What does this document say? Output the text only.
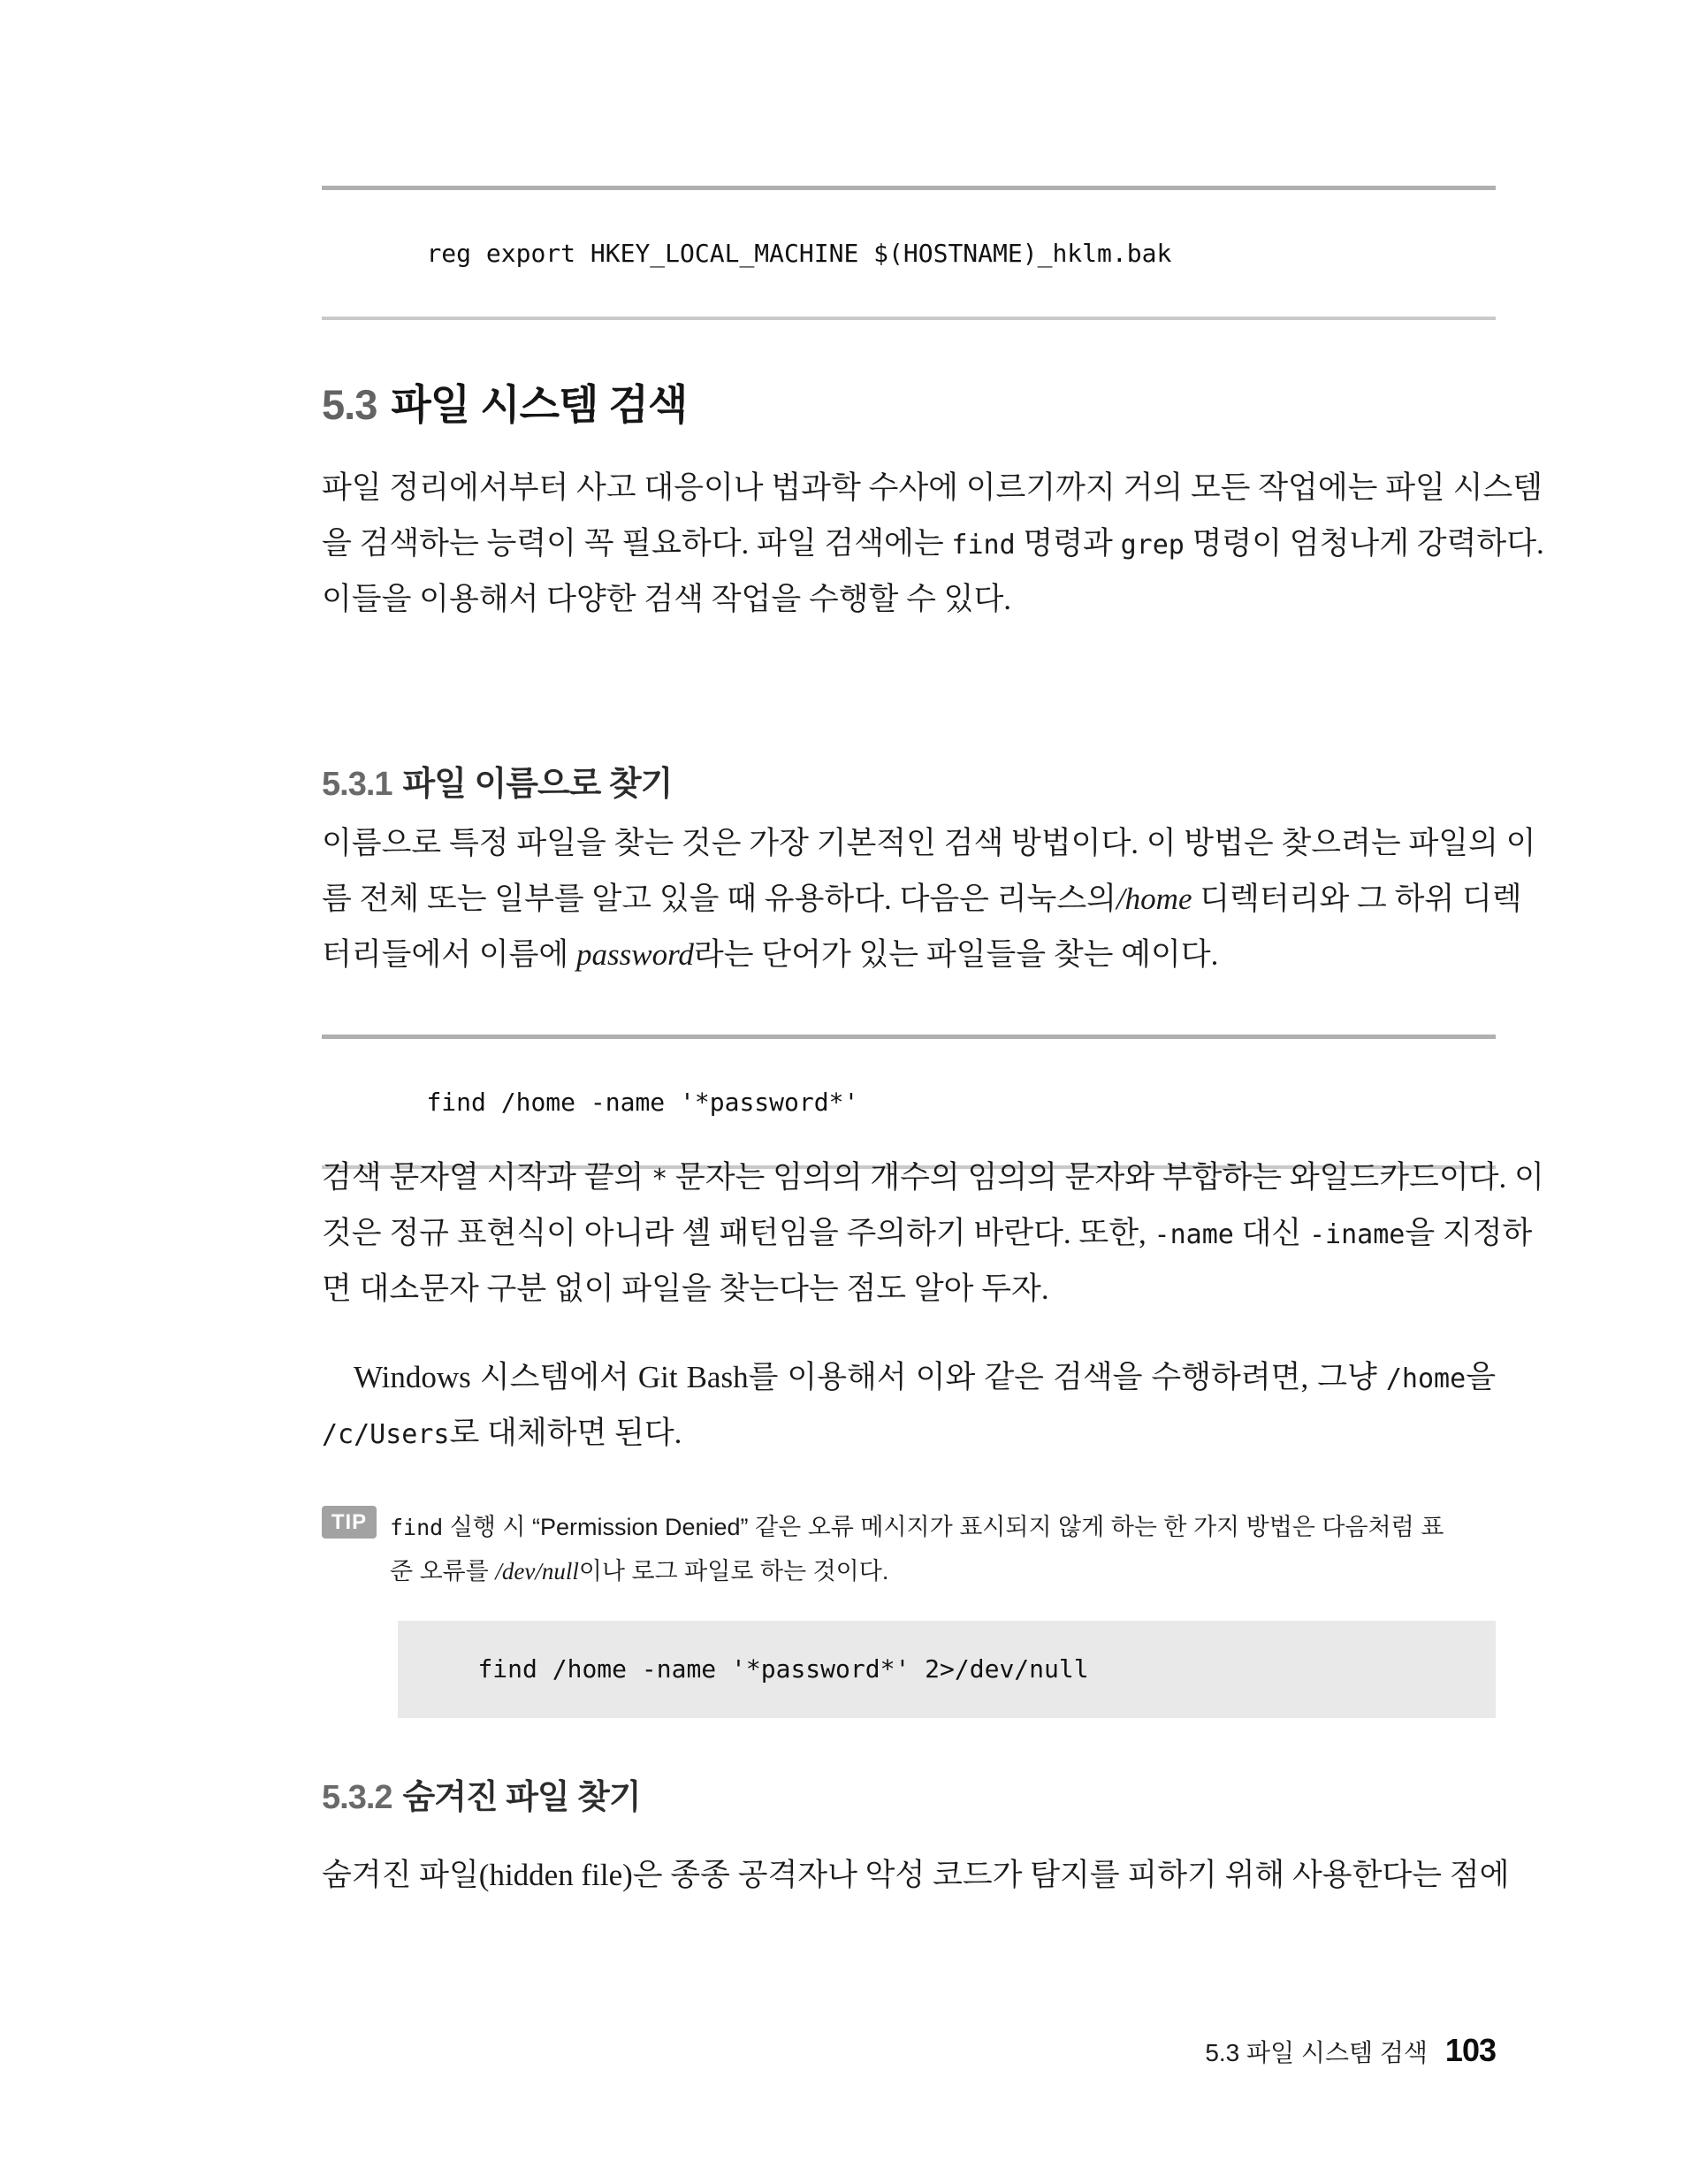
reg export HKEY_LOCAL_MACHINE $(HOSTNAME)_hklm.bak

5.3 파일 시스템 검색
파일 정리에서부터 사고 대응이나 법과학 수사에 이르기까지 거의 모든 작업에는 파일 시스템
을 검색하는 능력이 꼭 필요하다. 파일 검색에는 find 명령과 grep 명령이 엄청나게 강력하다.
이들을 이용해서 다양한 검색 작업을 수행할 수 있다.
5.3.1 파일 이름으로 찾기
이름으로 특정 파일을 찾는 것은 가장 기본적인 검색 방법이다. 이 방법은 찾으려는 파일의 이
름 전체 또는 일부를 알고 있을 때 유용하다. 다음은 리눅스의/home 디렉터리와 그 하위 디렉
터리들에서 이름에 password라는 단어가 있는 파일들을 찾는 예이다.

find /home -name '*password*'

검색 문자열 시작과 끝의 * 문자는 임의의 개수의 임의의 문자와 부합하는 와일드카드이다. 이
것은 정규 표현식이 아니라 셸 패턴임을 주의하기 바란다. 또한, -name 대신 -iname을 지정하
면 대소문자 구분 없이 파일을 찾는다는 점도 알아 두자.
Windows 시스템에서 Git Bash를 이용해서 이와 같은 검색을 수행하려면, 그냥 /home을
/c/Users로 대체하면 된다.
TIP	find 실행 시 “Permission Denied” 같은 오류 메시지가 표시되지 않게 하는 한 가지 방법은 다음처럼 표
준 오류를 /dev/null이나 로그 파일로 하는 것이다.

find /home -name '*password*' 2>/dev/null

5.3.2 숨겨진 파일 찾기
숨겨진 파일(hidden file)은 종종 공격자나 악성 코드가 탐지를 피하기 위해 사용한다는 점에
5.3 파일 시스템 검색 103
